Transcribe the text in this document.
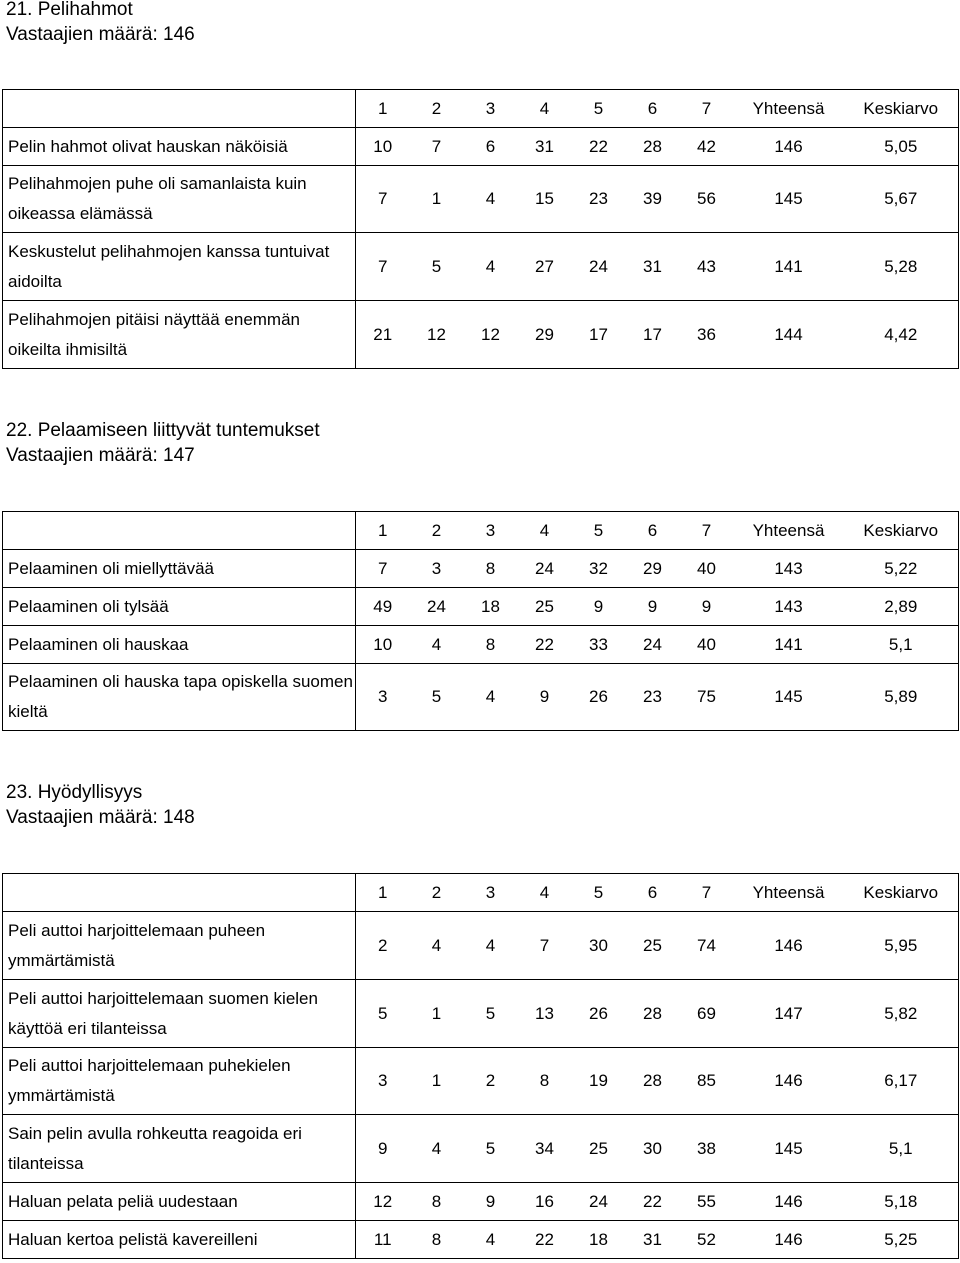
21. Pelihahmot
Vastaajien määrä: 146
	1	2	3	4	5	6	7	Yhteensä	Keskiarvo
Pelin hahmot olivat hauskan näköisiä	10	7	6	31	22	28	42	146	5,05
Pelihahmojen puhe oli samanlaista kuin oikeassa elämässä	7	1	4	15	23	39	56	145	5,67
Keskustelut pelihahmojen kanssa tuntuivat aidoilta	7	5	4	27	24	31	43	141	5,28
Pelihahmojen pitäisi näyttää enemmän oikeilta ihmisiltä	21	12	12	29	17	17	36	144	4,42
22. Pelaamiseen liittyvät tuntemukset
Vastaajien määrä: 147
	1	2	3	4	5	6	7	Yhteensä	Keskiarvo
Pelaaminen oli miellyttävää	7	3	8	24	32	29	40	143	5,22
Pelaaminen oli tylsää	49	24	18	25	9	9	9	143	2,89
Pelaaminen oli hauskaa	10	4	8	22	33	24	40	141	5,1
Pelaaminen oli hauska tapa opiskella suomen kieltä	3	5	4	9	26	23	75	145	5,89
23. Hyödyllisyys
Vastaajien määrä: 148
	1	2	3	4	5	6	7	Yhteensä	Keskiarvo
Peli auttoi harjoittelemaan puheen ymmärtämistä	2	4	4	7	30	25	74	146	5,95
Peli auttoi harjoittelemaan suomen kielen käyttöä eri tilanteissa	5	1	5	13	26	28	69	147	5,82
Peli auttoi harjoittelemaan puhekielen ymmärtämistä	3	1	2	8	19	28	85	146	6,17
Sain pelin avulla rohkeutta reagoida eri tilanteissa	9	4	5	34	25	30	38	145	5,1
Haluan pelata peliä uudestaan	12	8	9	16	24	22	55	146	5,18
Haluan kertoa pelistä kavereilleni	11	8	4	22	18	31	52	146	5,25
